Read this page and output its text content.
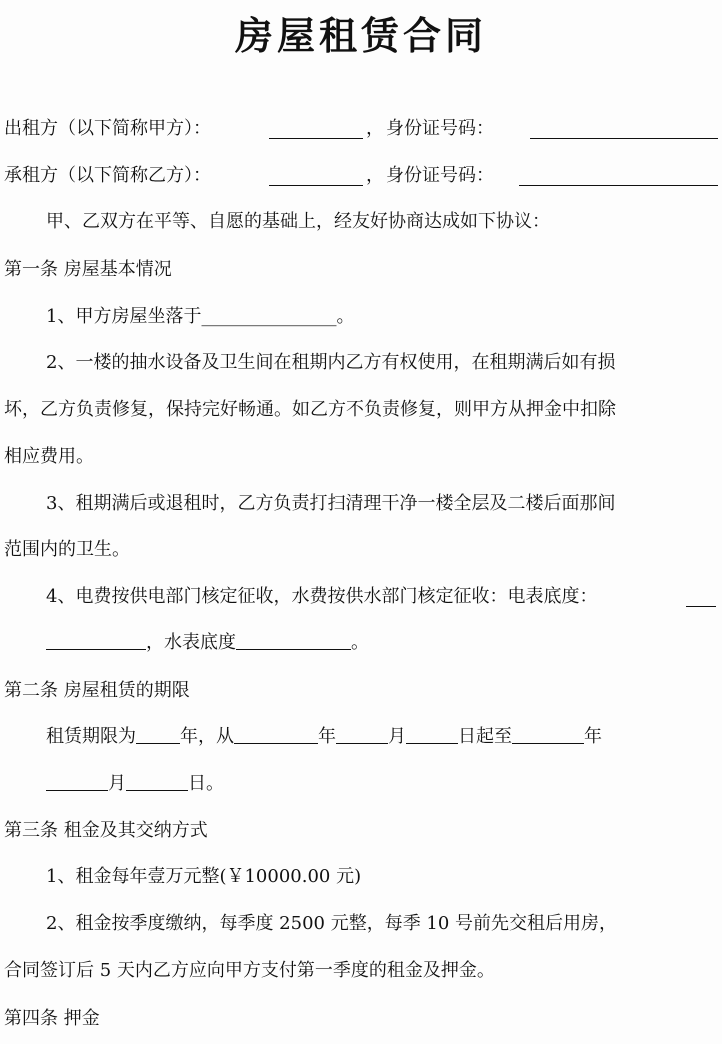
房屋租赁合同
出租方（以下简称甲方）：	， 身份证号码：
承租方（以下简称乙方）：	， 身份证号码：
甲、乙双方在平等、自愿的基础上，经友好协商达成如下协议：
第一条 房屋基本情况
1、甲方房屋坐落于_______________。
2、一楼的抽水设备及卫生间在租期内乙方有权使用，在租期满后如有损
坏，乙方负责修复，保持完好畅通。如乙方不负责修复，则甲方从押金中扣除
相应费用。
3、租期满后或退租时，乙方负责打扫清理干净一楼全层及二楼后面那间
范围内的卫生。
4、电费按供电部门核定征收，水费按供水部门核定征收：电表底度：
，水表底度	。
第二条 房屋租赁的期限
租赁期限为 年，从	年	月	日起至	年
月	日。
第三条 租金及其交纳方式
1、租金每年壹万元整(￥10000.00 元)
2、租金按季度缴纳，每季度 2500 元整，每季 10 号前先交租后用房，
合同签订后 5 天内乙方应向甲方支付第一季度的租金及押金。
第四条 押金
